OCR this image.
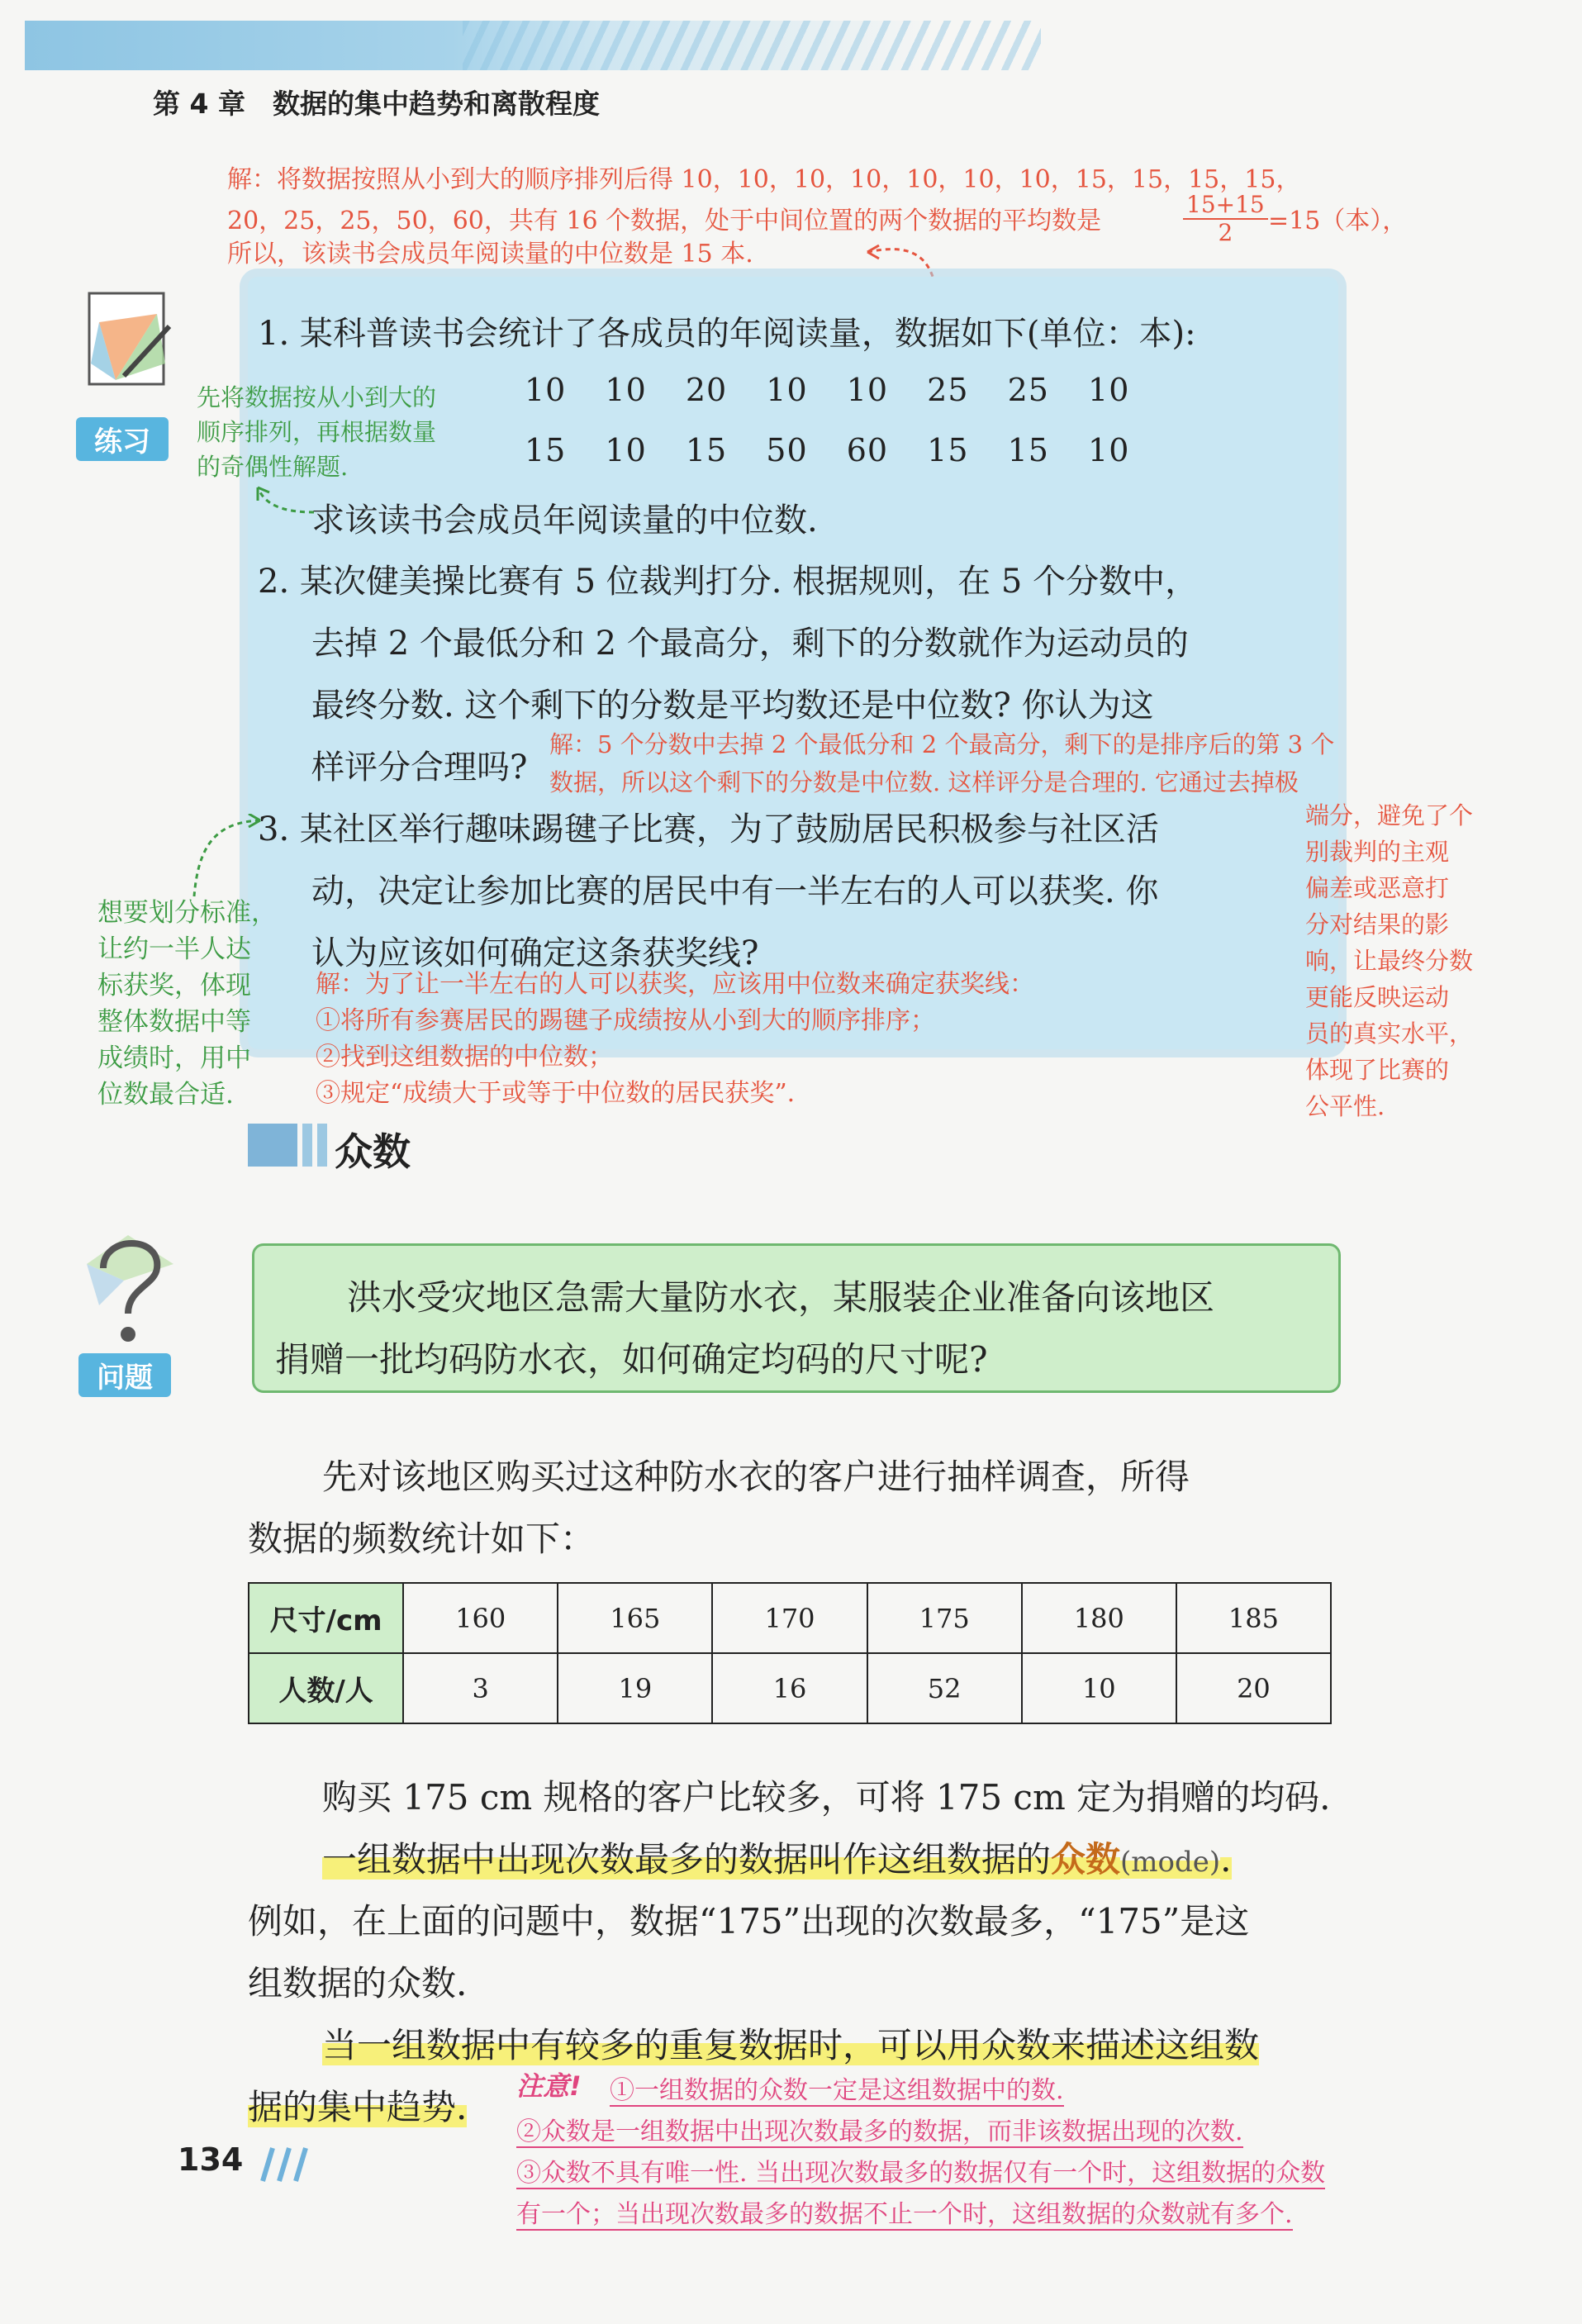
第 4 章　数据的集中趋势和离散程度
解：将数据按照从小到大的顺序排列后得 10，10，10，10，10，10，10，15，15，15，15，
20，25，25，50，60，共有 16 个数据，处于中间位置的两个数据的平均数是	$\frac{15+15}{2} =15$（本），
所以，该读书会成员年阅读量的中位数是 15 本.
练习
先将数据按从小到大的
顺序排列，再根据数量
的奇偶性解题.
1. 某科普读书会统计了各成员的年阅读量，数据如下(单位：本):
10 10 20 10 10 25 25 10
15 10 15 50 60 15 15 10
求该读书会成员年阅读量的中位数.
2. 某次健美操比赛有 5 位裁判打分. 根据规则，在 5 个分数中，
去掉 2 个最低分和 2 个最高分，剩下的分数就作为运动员的
最终分数. 这个剩下的分数是平均数还是中位数? 你认为这
样评分合理吗?
解：5 个分数中去掉 2 个最低分和 2 个最高分，剩下的是排序后的第 3 个
数据，所以这个剩下的分数是中位数. 这样评分是合理的. 它通过去掉极
端分，避免了个
别裁判的主观
偏差或恶意打
分对结果的影
响，让最终分数
更能反映运动
员的真实水平，
体现了比赛的
公平性.
3. 某社区举行趣味踢毽子比赛，为了鼓励居民积极参与社区活
动，决定让参加比赛的居民中有一半左右的人可以获奖. 你
认为应该如何确定这条获奖线?
想要划分标准，
让约一半人达
标获奖，体现
整体数据中等
成绩时，用中
位数最合适.
解：为了让一半左右的人可以获奖，应该用中位数来确定获奖线：
①将所有参赛居民的踢毽子成绩按从小到大的顺序排序；
②找到这组数据的中位数；
③规定“成绩大于或等于中位数的居民获奖”.
众数
问题
洪水受灾地区急需大量防水衣，某服装企业准备向该地区
捐赠一批均码防水衣，如何确定均码的尺寸呢?
先对该地区购买过这种防水衣的客户进行抽样调查，所得
数据的频数统计如下：
尺寸/cm	160	165	170	175	180	185
人数/人	3	19	16	52	10	20
购买 175 cm 规格的客户比较多，可将 175 cm 定为捐赠的均码.
一组数据中出现次数最多的数据叫作这组数据的众数(mode).
例如，在上面的问题中，数据“175”出现的次数最多，“175”是这
组数据的众数.
当一组数据中有较多的重复数据时，可以用众数来描述这组数
据的集中趋势.
注意! ①一组数据的众数一定是这组数据中的数.
②众数是一组数据中出现次数最多的数据，而非该数据出现的次数.
③众数不具有唯一性. 当出现次数最多的数据仅有一个时，这组数据的众数
有一个；当出现次数最多的数据不止一个时，这组数据的众数就有多个.
134
